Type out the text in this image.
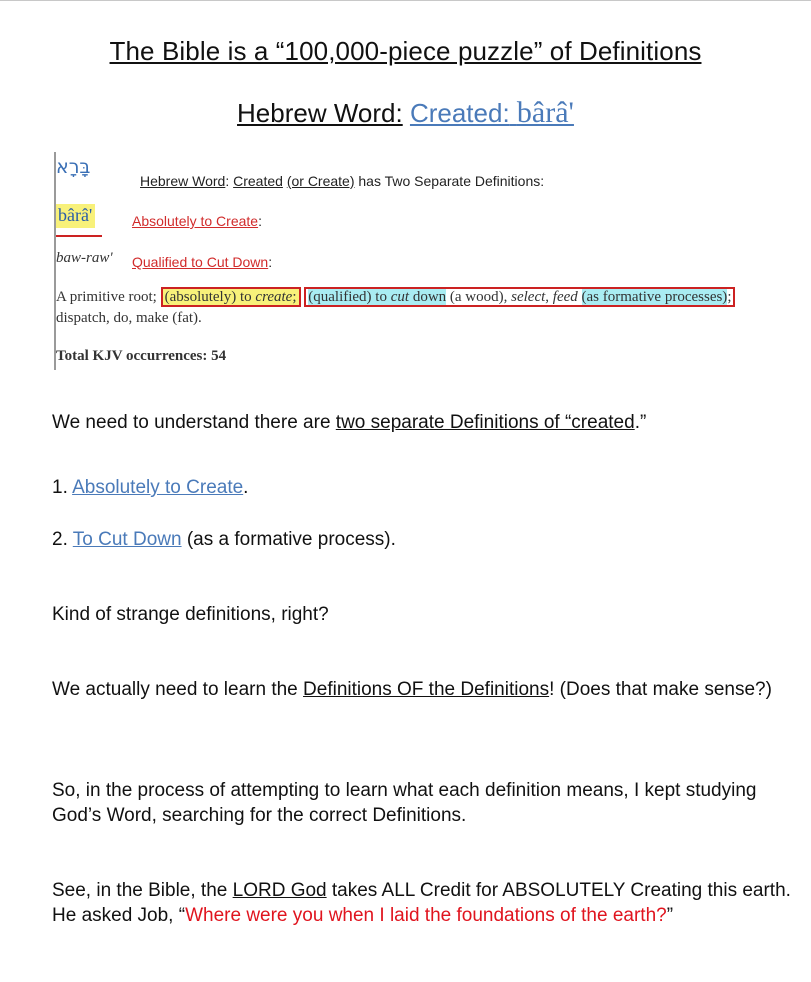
The Bible is a “100,000-piece puzzle” of Definitions
Hebrew Word: Created: bârâ'
בָּרָא
Hebrew Word: Created (or Create) has Two Separate Definitions:
bârâ'	Absolutely to Create:
baw-raw' Qualified to Cut Down:
A primitive root; (absolutely) to create; (qualified) to cut down (a wood), select, feed (as formative processes);
dispatch, do, make (fat).
Total KJV occurrences: 54
We need to understand there are two separate Definitions of “created.”
1. Absolutely to Create.
2. To Cut Down (as a formative process).
Kind of strange definitions, right?
We actually need to learn the Definitions OF the Definitions! (Does that make sense?)
So, in the process of attempting to learn what each definition means, I kept studying God’s Word, searching for the correct Definitions.
See, in the Bible, the LORD God takes ALL Credit for ABSOLUTELY Creating this earth. He asked Job, “Where were you when I laid the foundations of the earth?”
